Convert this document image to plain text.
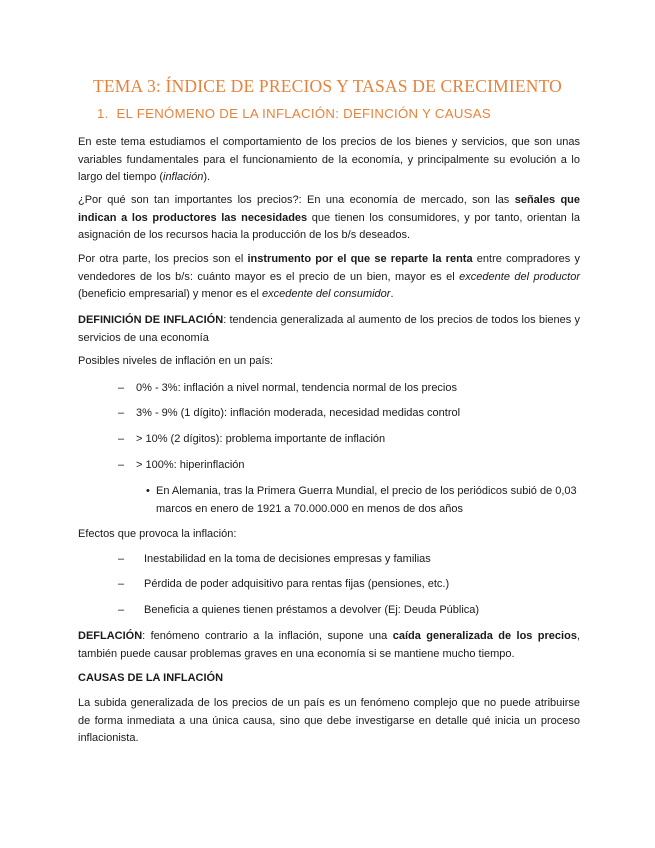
TEMA 3: ÍNDICE DE PRECIOS Y TASAS DE CRECIMIENTO
1. EL FENÓMENO DE LA INFLACIÓN: DEFINCIÓN Y CAUSAS

En este tema estudiamos el comportamiento de los precios de los bienes y servicios, que son unas variables fundamentales para el funcionamiento de la economía, y principalmente su evolución a lo largo del tiempo (inflación).

¿Por qué son tan importantes los precios?: En una economía de mercado, son las señales que indican a los productores las necesidades que tienen los consumidores, y por tanto, orientan la asignación de los recursos hacia la producción de los b/s deseados.

Por otra parte, los precios son el instrumento por el que se reparte la renta entre compradores y vendedores de los b/s: cuánto mayor es el precio de un bien, mayor es el excedente del productor (beneficio empresarial) y menor es el excedente del consumidor.

DEFINICIÓN DE INFLACIÓN: tendencia generalizada al aumento de los precios de todos los bienes y servicios de una economía

Posibles niveles de inflación en un país:

– 0% - 3%: inflación a nivel normal, tendencia normal de los precios

– 3% - 9% (1 dígito): inflación moderada, necesidad medidas control

– > 10% (2 dígitos): problema importante de inflación

– > 100%: hiperinflación

• En Alemania, tras la Primera Guerra Mundial, el precio de los periódicos subió de 0,03 marcos en enero de 1921 a 70.000.000 en menos de dos años

Efectos que provoca la inflación:

– Inestabilidad en la toma de decisiones empresas y familias

– Pérdida de poder adquisitivo para rentas fijas (pensiones, etc.)

– Beneficia a quienes tienen préstamos a devolver (Ej: Deuda Pública)

DEFLACIÓN: fenómeno contrario a la inflación, supone una caída generalizada de los precios, también puede causar problemas graves en una economía si se mantiene mucho tiempo.

CAUSAS DE LA INFLACIÓN

La subida generalizada de los precios de un país es un fenómeno complejo que no puede atribuirse de forma inmediata a una única causa, sino que debe investigarse en detalle qué inicia un proceso inflacionista.
